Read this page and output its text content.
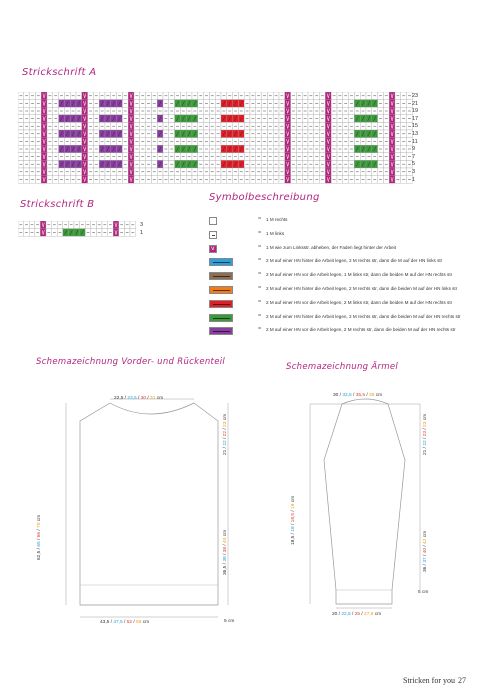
Strickschrift A
Strickschrift B
Symbolbeschreibung
Schemazeichnung Vorder- und Rückenteil	Schemazeichnung Ärmel
23
21
19
17
15
13
11
9
7
5
3
1
3
1
= 1 M rechts
= 1 M links
v	= 1 M wie zum Linksstr. abheben, der Faden liegt hinter der Arbeit
= 2 M auf einer HN hinter die Arbeit legen, 2 M rechts str, dann die M auf der HN links str
= 2 M auf einer HN vor die Arbeit legen, 1 M links str, dann die beiden M auf der HN rechts str
= 2 M auf einer HN hinter die Arbeit legen, 2 M rechts str, dann die beiden M auf der HN links str
= 2 M auf einer HN vor die Arbeit legen, 2 M links str, dann die beiden M auf der HN rechts str
= 2 M auf einer HN hinter die Arbeit legen, 2 M rechts str, dann die beiden M auf der HN rechts str
= 2 M auf einer HN vor die Arbeit legen, 2 M rechts str, dann die beiden M auf der HN rechts str
22,5 / 23,5 / 30 / 31 cm
21 / 22 / 22 / 23 cm
36,5 / 38 / 38 / 40 cm
62,5 / 65 / 66 / 70 cm
5 cm
43,5 / 47,5 / 52 / 56 cm
30 / 32,5 / 35,5 / 36 cm
21 / 22 / 23 / 23 cm
36 / 37 / 40 / 42 cm
18,5 / 18 / 18,5 / 19 cm
5 cm
20 / 22,5 / 25 / 27,5 cm
Stricken for you 27
